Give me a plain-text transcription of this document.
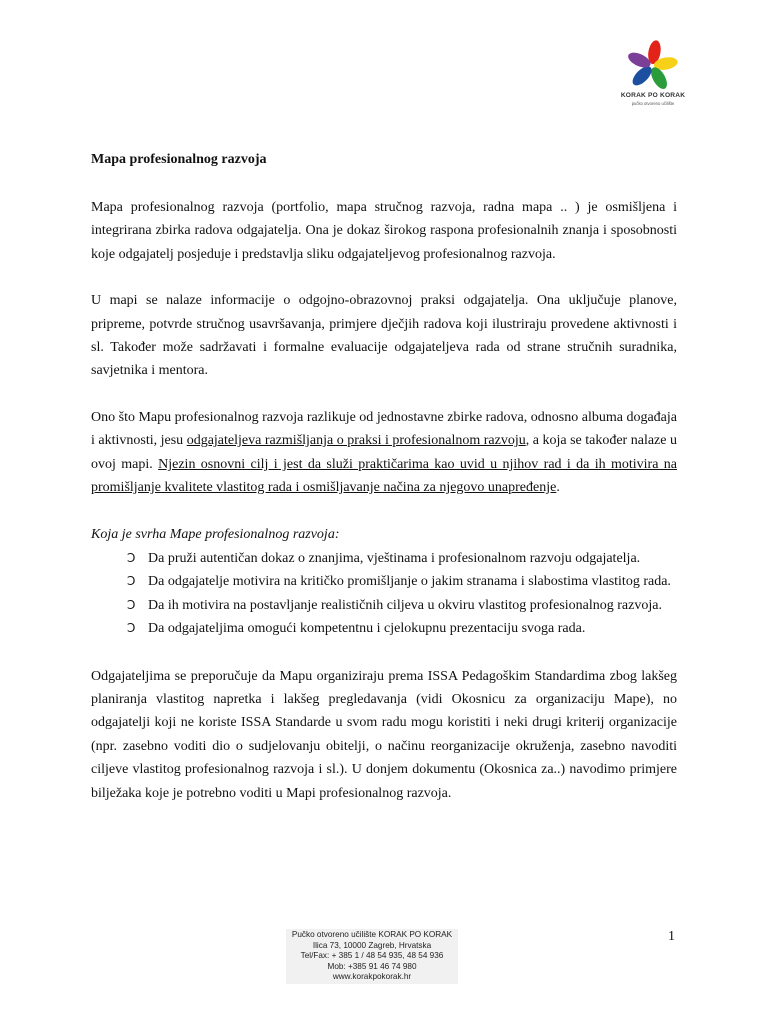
KORAK PO KORAK
pučko otvoreno učilište
Mapa profesionalnog razvoja

Mapa profesionalnog razvoja (portfolio, mapa stručnog razvoja, radna mapa .. ) je osmišljena i integrirana zbirka radova odgajatelja. Ona je dokaz širokog raspona profesionalnih znanja i sposobnosti koje odgajatelj posjeduje i predstavlja sliku odgajateljevog profesionalnog razvoja.

U mapi se nalaze informacije o odgojno-obrazovnoj praksi odgajatelja. Ona uključuje planove, pripreme, potvrde stručnog usavršavanja, primjere dječjih radova koji ilustriraju provedene aktivnosti i sl. Također može sadržavati i formalne evaluacije odgajateljeva rada od strane stručnih suradnika, savjetnika i mentora.

Ono što Mapu profesionalnog razvoja razlikuje od jednostavne zbirke radova, odnosno albuma događaja i aktivnosti, jesu odgajateljeva razmišljanja o praksi i profesionalnom razvoju, a koja se također nalaze u ovoj mapi. Njezin osnovni cilj i jest da služi praktičarima kao uvid u njihov rad i da ih motivira na promišljanje kvalitete vlastitog rada i osmišljavanje načina za njegovo unapređenje.

Koja je svrha Mape profesionalnog razvoja:

Ͻ Da pruži autentičan dokaz o znanjima, vještinama i profesionalnom razvoju odgajatelja.
Ͻ Da odgajatelje motivira na kritičko promišljanje o jakim stranama i slabostima vlastitog rada.
Ͻ Da ih motivira na postavljanje realističnih ciljeva u okviru vlastitog profesionalnog razvoja.
Ͻ Da odgajateljima omogući kompetentnu i cjelokupnu prezentaciju svoga rada.

Odgajateljima se preporučuje da Mapu organiziraju prema ISSA Pedagoškim Standardima zbog lakšeg planiranja vlastitog napretka i lakšeg pregledavanja (vidi Okosnicu za organizaciju Mape), no odgajatelji koji ne koriste ISSA Standarde u svom radu mogu koristiti i neki drugi kriterij organizacije (npr. zasebno voditi dio o sudjelovanju obitelji, o načinu reorganizacije okruženja, zasebno navoditi ciljeve vlastitog profesionalnog razvoja i sl.). U donjem dokumentu (Okosnica za..) navodimo primjere bilježaka koje je potrebno voditi u Mapi profesionalnog razvoja.

Pučko otvoreno učilište KORAK PO KORAK
Ilica 73, 10000 Zagreb, Hrvatska
Tel/Fax: + 385 1 / 48 54 935, 48 54 936
Mob: +385 91 46 74 980
www.korakpokorak.hr
1
